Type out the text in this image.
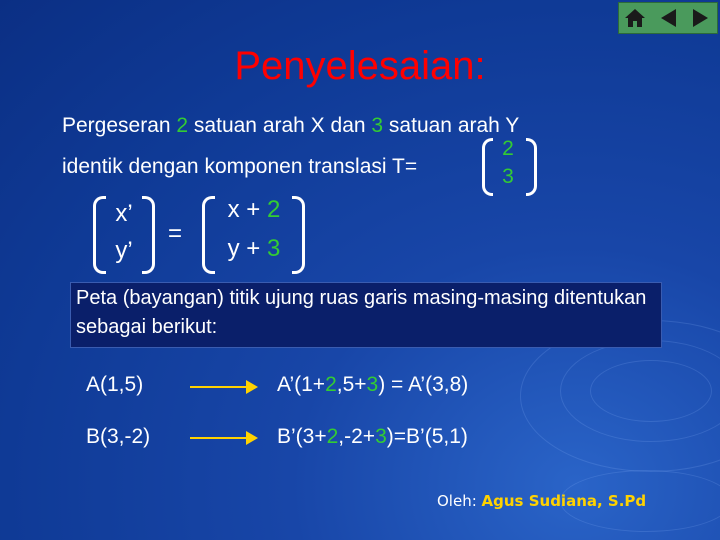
Penyelesaian:
Pergeseran 2 satuan arah X dan 3 satuan arah Y
identik dengan komponen translasi T=
2
3
x’
y’
=
x + 2
y + 3
Peta (bayangan) titik ujung ruas garis masing-masing ditentukan sebagai berikut:
A(1,5)	A’(1+2,5+3) = A’(3,8)
B(3,-2)	B’(3+2,-2+3)=B’(5,1)
Oleh: Agus Sudiana, S.Pd
